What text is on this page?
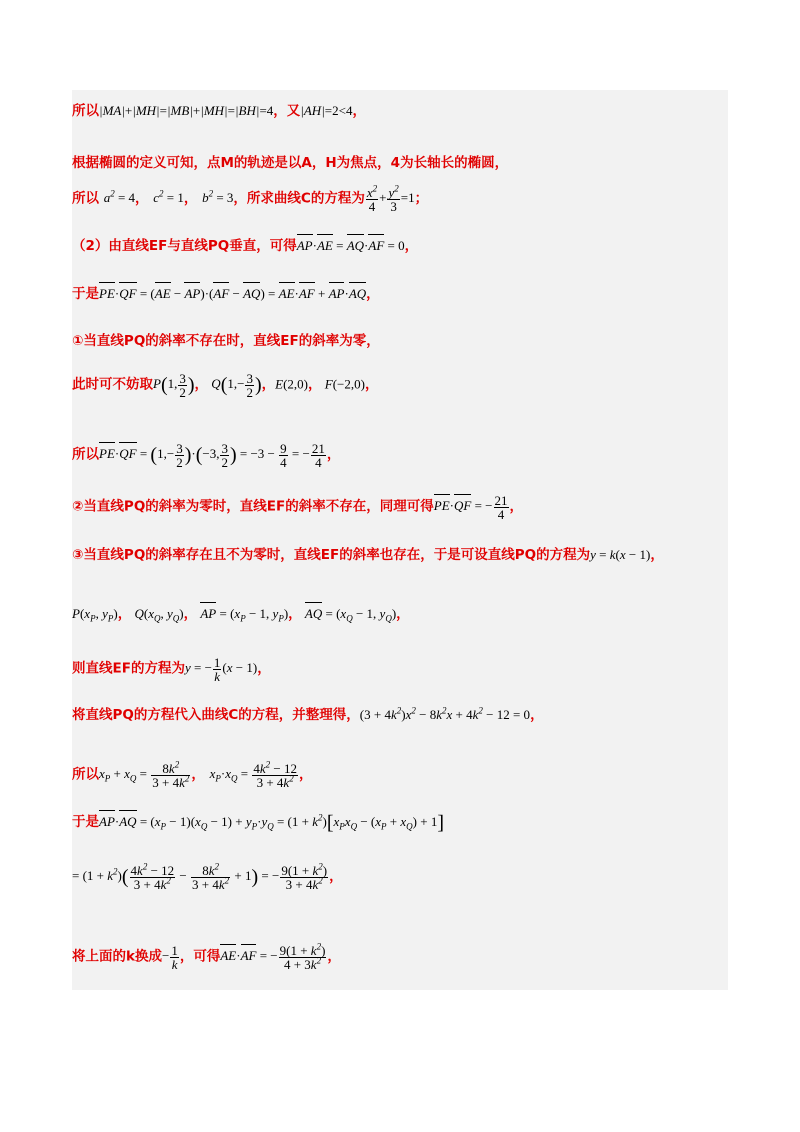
所以|MA|+|MH|=|MB|+|MH|=|BH|=4，又|AH|=2<4，
根据椭圆的定义可知，点M的轨迹是以A，H为焦点，4为长轴长的椭圆，
所以 $a^2 = 4$， $c^2 = 1$， $b^2 = 3$，所求曲线C的方程为 $\frac{x^2}{4} + \frac{y^2}{3} =1$；
（2）由直线EF与直线PQ垂直，可得AP·AE = AQ·AF = 0，
于是PE·QF = (AE − AP)·(AF − AQ) = AE·AF + AP·AQ，
①当直线PQ的斜率不存在时，直线EF的斜率为零，
此时可不妨取P(1, $\frac{3}{2}$ )， $Q(1,- \frac{3}{2}$ )，E(2,0)， F(−2,0)，
所以$PE\cdot QF = (1,- \frac{3}{2} )\cdot(-3$, $\frac{3}{2}$ ) = $-3 - \frac{9}{4}$ = − $\frac{21}{4}$ ，
②当直线PQ的斜率为零时，直线EF的斜率不存在，同理可得PE·QF = − $\frac{21}{4}$ ，
③当直线PQ的斜率存在且不为零时，直线EF的斜率也存在，于是可设直线PQ的方程为y = k(x − 1)，
$P(x_P$, $y_P$)， $Q(x_Q$, $y_Q$)， AP = ($x_P - 1$, $y_P$)， AQ = ($x_Q - 1$, $y_Q$)，
则直线EF的方程为y = − $\frac{1}{k} (x - 1)$，
将直线PQ的方程代入曲线C的方程，并整理得，$(3 + 4k^2)x^2 - 8k^2x + 4k^2 - 12 = 0$，
所以$x_P + x_Q = \frac{8k^2}{3 + 4k^2}$ ， $x_P\cdot x_Q = \frac{4k^2 - 12}{3 + 4k^2}$ ，
于是$AP\cdot AQ = (x_P - 1)(x_Q - 1) + y_P\cdot y_Q = (1 + k^2)[x_Px_Q - (x_P + x_Q) + 1]$
= $(1 + k^2)( \frac{4k^2 - 12}{3 + 4k^2} - \frac{8k^2}{3 + 4k^2} + 1)$ = − $\frac{9(1 + k^2)}{3 + 4k^2}$ ，
将上面的k换成− $\frac{1}{k}$ ，可得AE·AF = − $\frac{9(1 + k^2)}{4 + 3k^2}$ ，
